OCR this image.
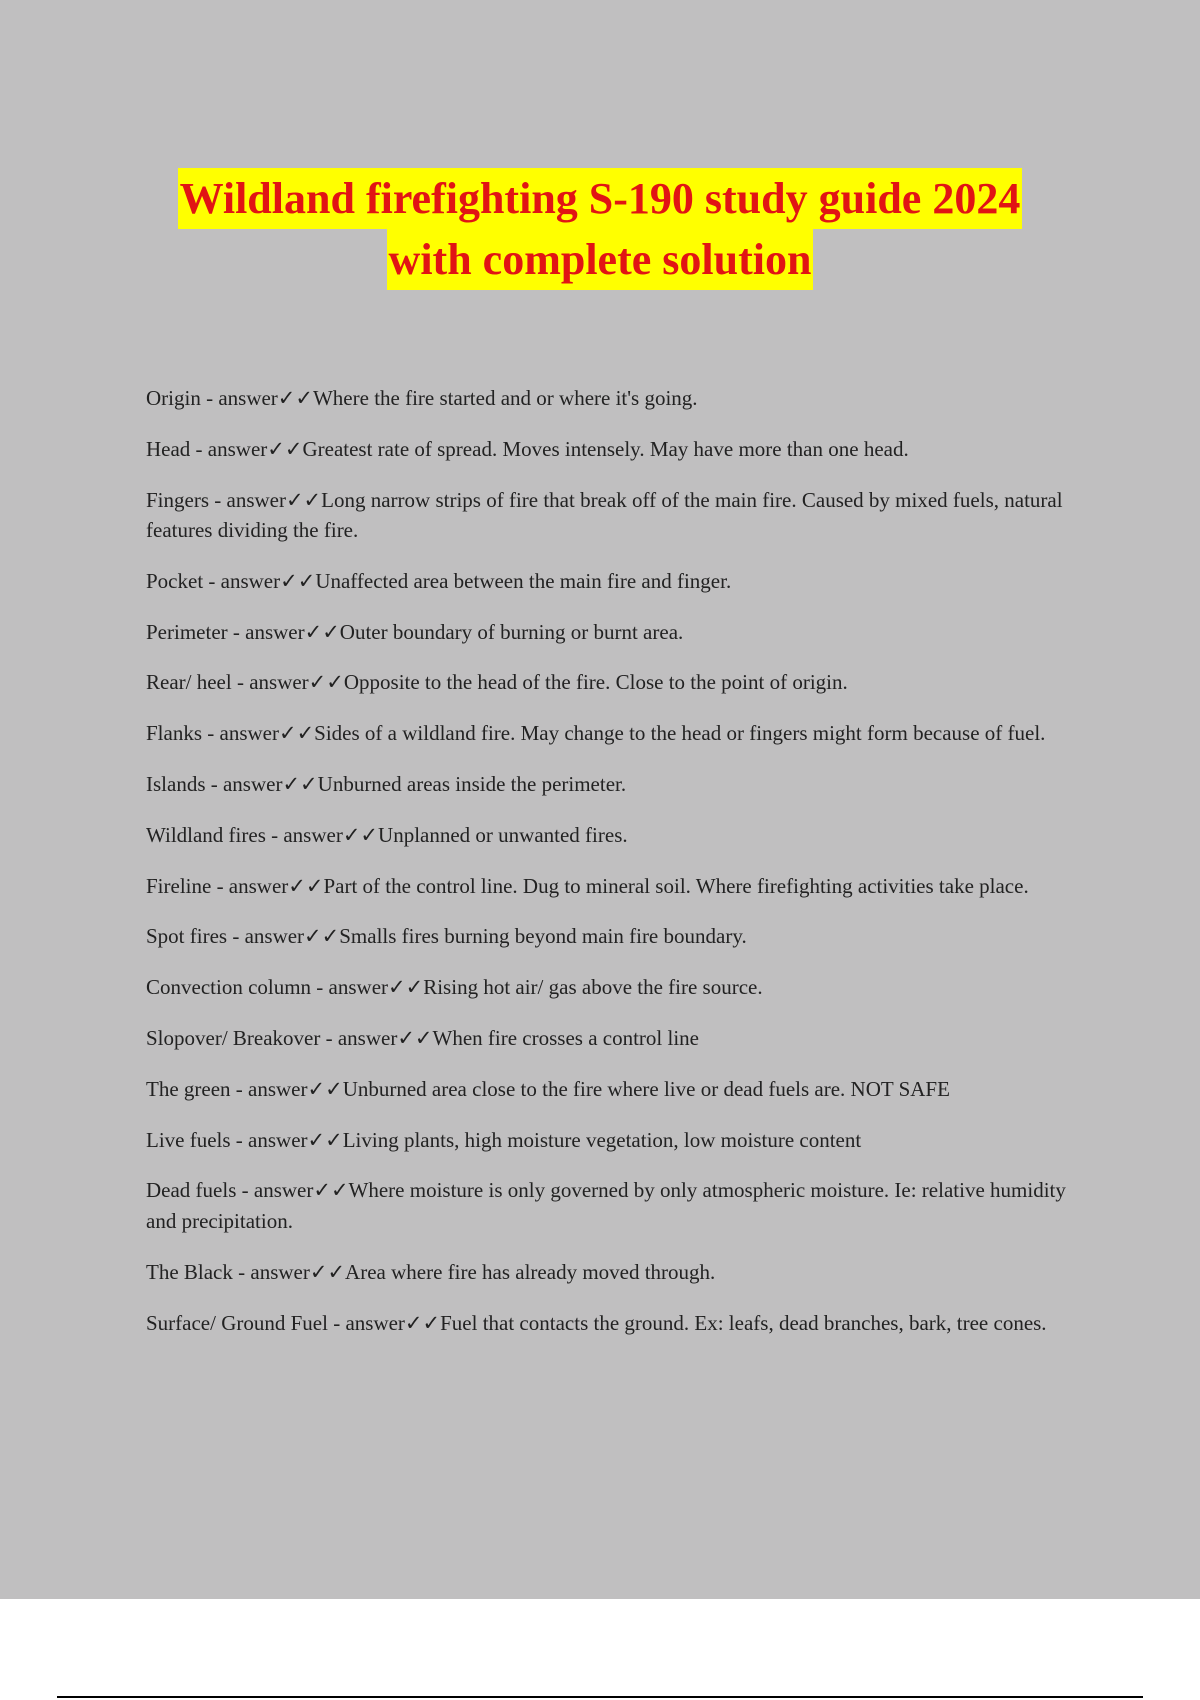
Wildland firefighting S-190 study guide 2024
with complete solution

Origin - answer✓✓Where the fire started and or where it's going.

Head - answer✓✓Greatest rate of spread. Moves intensely. May have more than one head.

Fingers - answer✓✓Long narrow strips of fire that break off of the main fire. Caused by mixed fuels, natural features dividing the fire.

Pocket - answer✓✓Unaffected area between the main fire and finger.

Perimeter - answer✓✓Outer boundary of burning or burnt area.

Rear/ heel - answer✓✓Opposite to the head of the fire. Close to the point of origin.

Flanks - answer✓✓Sides of a wildland fire. May change to the head or fingers might form because of fuel.

Islands - answer✓✓Unburned areas inside the perimeter.

Wildland fires - answer✓✓Unplanned or unwanted fires.

Fireline - answer✓✓Part of the control line. Dug to mineral soil. Where firefighting activities take place.

Spot fires - answer✓✓Smalls fires burning beyond main fire boundary.

Convection column - answer✓✓Rising hot air/ gas above the fire source.

Slopover/ Breakover - answer✓✓When fire crosses a control line

The green - answer✓✓Unburned area close to the fire where live or dead fuels are. NOT SAFE

Live fuels - answer✓✓Living plants, high moisture vegetation, low moisture content

Dead fuels - answer✓✓Where moisture is only governed by only atmospheric moisture. Ie: relative humidity and precipitation.

The Black - answer✓✓Area where fire has already moved through.

Surface/ Ground Fuel - answer✓✓Fuel that contacts the ground. Ex: leafs, dead branches, bark, tree cones.
